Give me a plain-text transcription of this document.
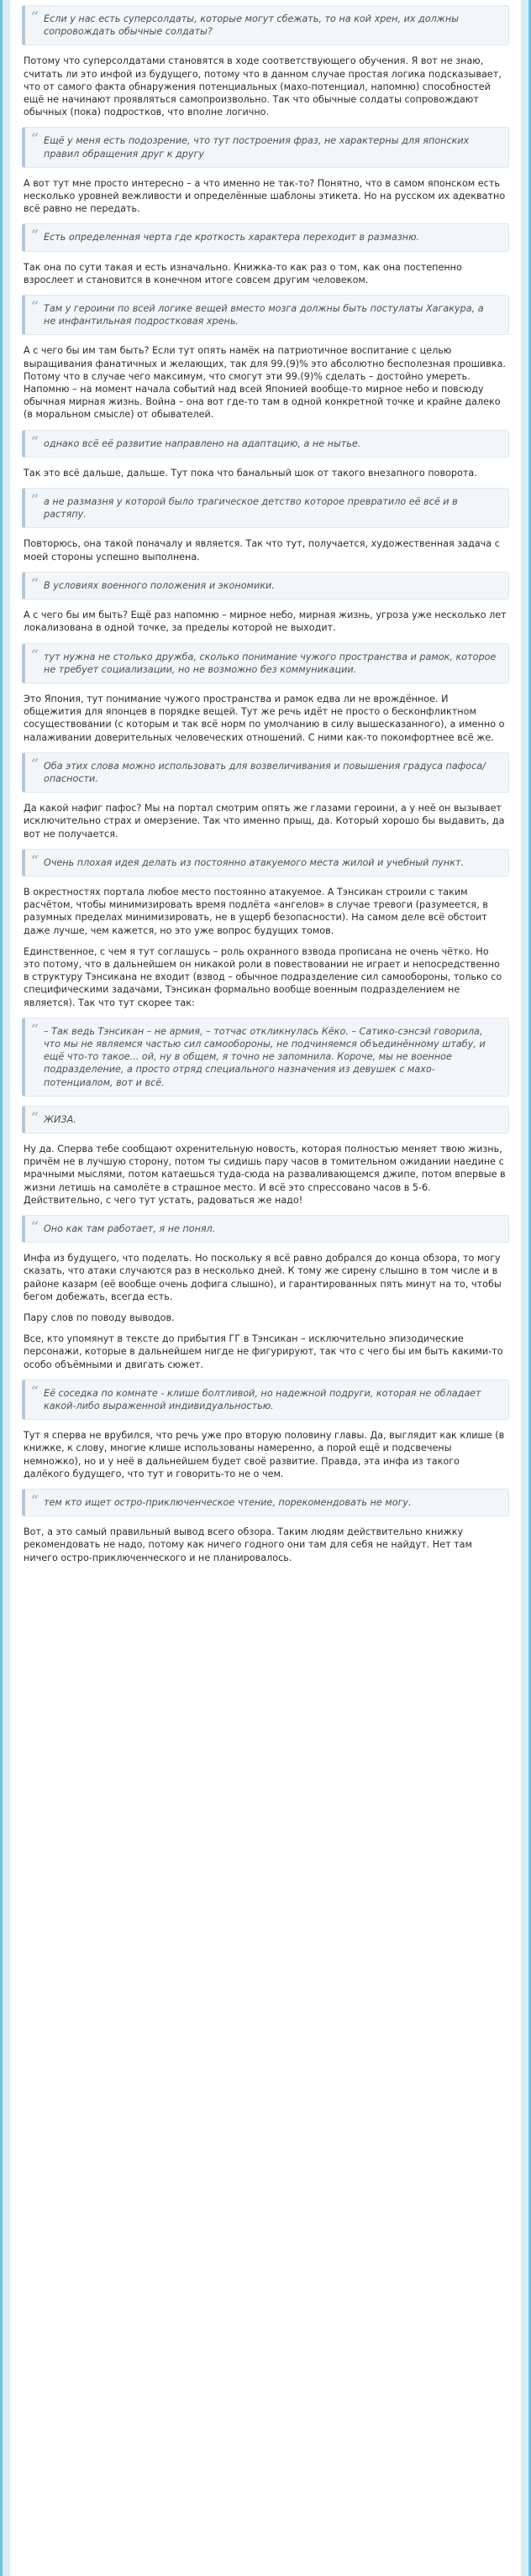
“ Если у нас есть суперсолдаты, которые могут сбежать, то на кой хрен, их должны сопровождать обычные солдаты?

Потому что суперсолдатами становятся в ходе соответствующего обучения. Я вот не знаю, считать ли это инфой из будущего, потому что в данном случае простая логика подсказывает, что от самого факта обнаружения потенциальных (махо-потенциал, напомню) способностей ещё не начинают проявляться самопроизвольно. Так что обычные солдаты сопровождают обычных (пока) подростков, что вполне логично.

“ Ещё у меня есть подозрение, что тут построения фраз, не характерны для японских правил обращения друг к другу

А вот тут мне просто интересно – а что именно не так-то? Понятно, что в самом японском есть несколько уровней вежливости и определённые шаблоны этикета. Но на русском их адекватно всё равно не передать.

“ Есть определенная черта где кроткость характера переходит в размазню.

Так она по сути такая и есть изначально. Книжка-то как раз о том, как она постепенно взрослеет и становится в конечном итоге совсем другим человеком.

“ Там у героини по всей логике вещей вместо мозга должны быть постулаты Хагакура, а не инфантильная подростковая хрень.

А с чего бы им там быть? Если тут опять намёк на патриотичное воспитание с целью выращивания фанатичных и желающих, так для 99.(9)% это абсолютно бесполезная прошивка. Потому что в случае чего максимум, что смогут эти 99.(9)% сделать – достойно умереть. Напомню – на момент начала событий над всей Японией вообще-то мирное небо и повсюду обычная мирная жизнь. Война – она вот где-то там в одной конкретной точке и крайне далеко (в моральном смысле) от обывателей.

“ однако всё её развитие направлено на адаптацию, а не нытье.

Так это всё дальше, дальше. Тут пока что банальный шок от такого внезапного поворота.

“ а не размазня у которой было трагическое детство которое превратило её всё и в растяпу.

Повторюсь, она такой поначалу и является. Так что тут, получается, художественная задача с моей стороны успешно выполнена.

“ В условиях военного положения и экономики.

А с чего бы им быть? Ещё раз напомню – мирное небо, мирная жизнь, угроза уже несколько лет локализована в одной точке, за пределы которой не выходит.

“ тут нужна не столько дружба, сколько понимание чужого пространства и рамок, которое не требует социализации, но не возможно без коммуникации.

Это Япония, тут понимание чужого пространства и рамок едва ли не врождённое. И общежития для японцев в порядке вещей. Тут же речь идёт не просто о бесконфликтном сосуществовании (с которым и так всё норм по умолчанию в силу вышесказанного), а именно о налаживании доверительных человеческих отношений. С ними как-то покомфортнее всё же.

“ Оба этих слова можно использовать для возвеличивания и повышения градуса пафоса/опасности.

Да какой нафиг пафос? Мы на портал смотрим опять же глазами героини, а у неё он вызывает исключительно страх и омерзение. Так что именно прыщ, да. Который хорошо бы выдавить, да вот не получается.

“ Очень плохая идея делать из постоянно атакуемого места жилой и учебный пункт.

В окрестностях портала любое место постоянно атакуемое. А Тэнсикан строили с таким расчётом, чтобы минимизировать время подлёта «ангелов» в случае тревоги (разумеется, в разумных пределах минимизировать, не в ущерб безопасности). На самом деле всё обстоит даже лучше, чем кажется, но это уже вопрос будущих томов.

Единственное, с чем я тут соглашусь – роль охранного взвода прописана не очень чётко. Но это потому, что в дальнейшем он никакой роли в повествовании не играет и непосредственно в структуру Тэнсикана не входит (взвод – обычное подразделение сил самообороны, только со специфическими задачами, Тэнсикан формально вообще военным подразделением не является). Так что тут скорее так:

“ – Так ведь Тэнсикан – не армия, – тотчас откликнулась Кёко. – Сатико-сэнсэй говорила, что мы не являемся частью сил самообороны, не подчиняемся объединённому штабу, и ещё что-то такое... ой, ну в общем, я точно не запомнила. Короче, мы не военное подразделение, а просто отряд специального назначения из девушек с махо-потенциалом, вот и всё.
“ ЖИЗА.

Ну да. Сперва тебе сообщают охренительную новость, которая полностью меняет твою жизнь, причём не в лучшую сторону, потом ты сидишь пару часов в томительном ожидании наедине с мрачными мыслями, потом катаешься туда-сюда на разваливающемся джипе, потом впервые в жизни летишь на самолёте в страшное место. И всё это спрессовано часов в 5-6. Действительно, с чего тут устать, радоваться же надо!

“ Оно как там работает, я не понял.

Инфа из будущего, что поделать. Но поскольку я всё равно добрался до конца обзора, то могу сказать, что атаки случаются раз в несколько дней. К тому же сирену слышно в том числе и в районе казарм (её вообще очень дофига слышно), и гарантированных пять минут на то, чтобы бегом добежать, всегда есть.

Пару слов по поводу выводов.

Все, кто упомянут в тексте до прибытия ГГ в Тэнсикан – исключительно эпизодические персонажи, которые в дальнейшем нигде не фигурируют, так что с чего бы им быть какими-то особо объёмными и двигать сюжет.

“ Её соседка по комнате - клише болтливой, но надежной подруги, которая не обладает какой-либо выраженной индивидуальностью.

Тут я сперва не врубился, что речь уже про вторую половину главы. Да, выглядит как клише (в книжке, к слову, многие клише использованы намеренно, а порой ещё и подсвечены немножко), но и у неё в дальнейшем будет своё развитие. Правда, эта инфа из такого далёкого будущего, что тут и говорить-то не о чем.

“ тем кто ищет остро-приключенческое чтение, порекомендовать не могу.

Вот, а это самый правильный вывод всего обзора. Таким людям действительно книжку рекомендовать не надо, потому как ничего годного они там для себя не найдут. Нет там ничего остро-приключенческого и не планировалось.
